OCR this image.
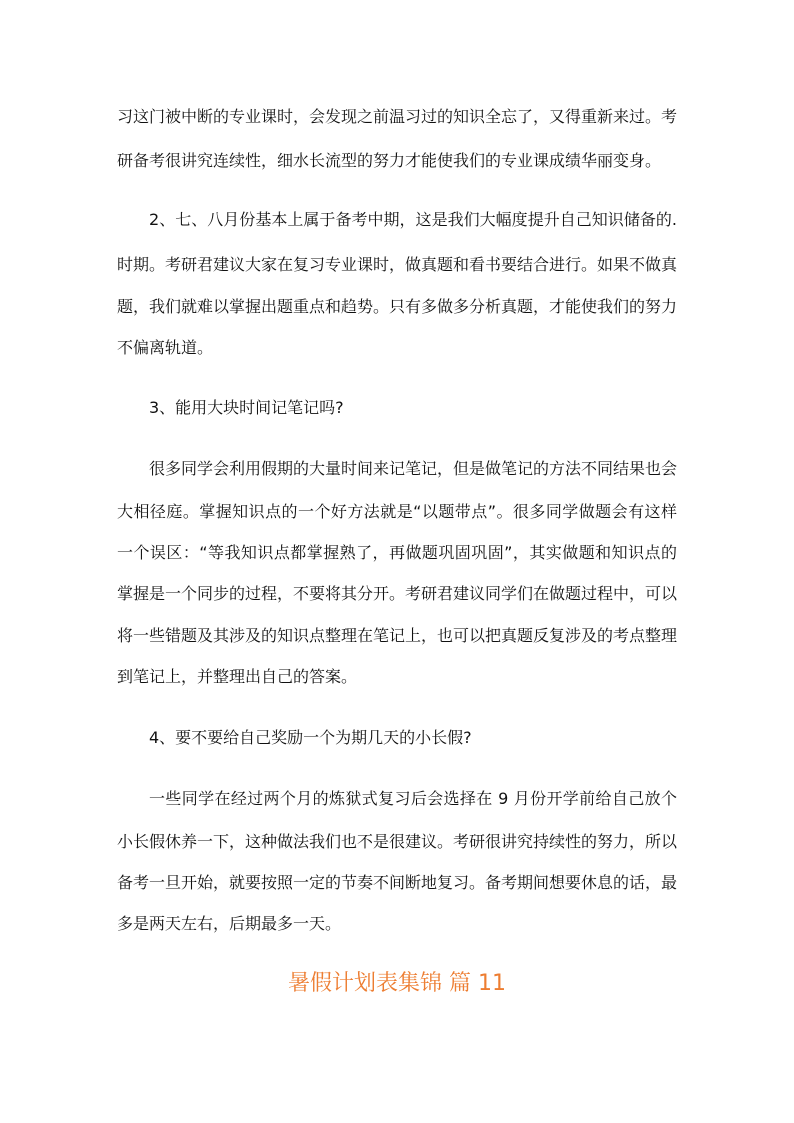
习这门被中断的专业课时，会发现之前温习过的知识全忘了，又得重新来过。考
研备考很讲究连续性，细水长流型的努力才能使我们的专业课成绩华丽变身。
2、七、八月份基本上属于备考中期，这是我们大幅度提升自己知识储备的.
时期。考研君建议大家在复习专业课时，做真题和看书要结合进行。如果不做真
题，我们就难以掌握出题重点和趋势。只有多做多分析真题，才能使我们的努力
不偏离轨道。
3、能用大块时间记笔记吗?
很多同学会利用假期的大量时间来记笔记，但是做笔记的方法不同结果也会
大相径庭。掌握知识点的一个好方法就是“以题带点”。很多同学做题会有这样
一个误区：“等我知识点都掌握熟了，再做题巩固巩固”，其实做题和知识点的
掌握是一个同步的过程，不要将其分开。考研君建议同学们在做题过程中，可以
将一些错题及其涉及的知识点整理在笔记上，也可以把真题反复涉及的考点整理
到笔记上，并整理出自己的答案。
4、要不要给自己奖励一个为期几天的小长假?
一些同学在经过两个月的炼狱式复习后会选择在 9 月份开学前给自己放个
小长假休养一下，这种做法我们也不是很建议。考研很讲究持续性的努力，所以
备考一旦开始，就要按照一定的节奏不间断地复习。备考期间想要休息的话，最
多是两天左右，后期最多一天。
暑假计划表集锦 篇 11
